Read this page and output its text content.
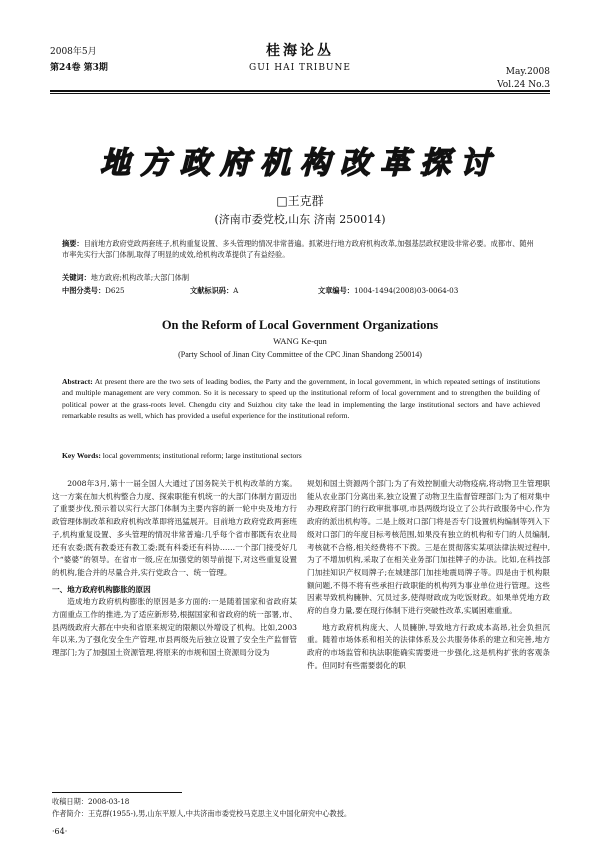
2008年5月
第24卷 第3期
桂海论丛
GUI HAI TRIBUNE	May.2008
Vol.24 No.3
地方政府机构改革探讨
□王克群
(济南市委党校,山东 济南 250014)
摘要：目前地方政府党政两套班子,机构重复设置、多头管理的情况非常普遍。抓紧进行地方政府机构改革,加强基层政权建设非常必要。成都市、随州市率先实行大部门体制,取得了明显的成效,给机构改革提供了有益经验。
关键词：地方政府;机构改革;大部门体制
中图分类号：D625	文献标识码：A	文章编号：1004-1494(2008)03-0064-03
On the Reform of Local Government Organizations
WANG Ke-qun
(Party School of Jinan City Committee of the CPC Jinan Shandong 250014)
Abstract: At present there are the two sets of leading bodies, the Party and the government, in local government, in which repeated settings of institutions and multiple management are very common. So it is necessary to speed up the institutional reform of local government and to strengthen the building of political power at the grass-roots level. Chengdu city and Suizhou city take the lead in implementing the large institutional sectors and have achieved remarkable results as well, which has provided a useful experience for the institutional reform.
Key Words: local governments; institutional reform; large institutional sectors

2008年3月,第十一届全国人大通过了国务院关于机构改革的方案。这一方案在加大机构整合力度、探索职能有机统一的大部门体制方面迈出了重要步伐,预示着以实行大部门体制为主要内容的新一轮中央及地方行政管理体制改革和政府机构改革即将迅猛展开。目前地方政府党政两套班子,机构重复设置、多头管理的情况非常普遍:几乎每个省市都既有农业局还有农委;既有教委还有教工委;既有科委还有科协……一个部门接受好几个“婆婆”的领导。在省市一级,应在加强党的领导前提下,对这些重复设置的机构,能合并的尽量合并,实行党政合一、统一管理。

一、地方政府机构膨胀的原因

造成地方政府机构膨胀的原因是多方面的:一是随着国家和省政府某方面重点工作的推进,为了适应新形势,根据国家和省政府的统一部署,市、县两级政府大都在中央和省原来规定的限额以外增设了机构。比如,2003年以来,为了强化安全生产管理,市县两级先后独立设置了安全生产监督管理部门;为了加强国土资源管理,将原来的市规和国土资源局分设为

规划和国土资源两个部门;为了有效控制重大动物疫病,将动物卫生管理职能从农业部门分离出来,独立设置了动物卫生监督管理部门;为了相对集中办理政府部门的行政审批事项,市县两级均设立了公共行政服务中心,作为政府的派出机构等。二是上级对口部门将是否专门设置机构编制等列入下级对口部门的年度目标考核范围,如果没有独立的机构和专门的人员编制,考核就不合格,相关经费将不下拨。三是在贯彻落实某项法律法规过程中,为了不增加机构,采取了在相关业务部门加挂牌子的办法。比如,在科技部门加挂知识产权局牌子;在城建部门加挂地震局牌子等。四是由于机构限额问题,不得不将有些承担行政职能的机构列为事业单位进行管理。这些因素导致机构臃肿、冗员过多,使得财政成为吃饭财政。如果单凭地方政府的自身力量,要在现行体制下进行突破性改革,实属困难重重。

地方政府机构庞大、人员臃肿,导致地方行政成本高昂,社会负担沉重。随着市场体系和相关的法律体系及公共服务体系的建立和完善,地方政府的市场监管和执法职能确实需要进一步强化,这是机构扩张的客观条件。但同时有些需要弱化的职

收稿日期：2008-03-18
作者简介：王克群(1955-),男,山东平原人,中共济南市委党校马克思主义中国化研究中心教授。
·64·
